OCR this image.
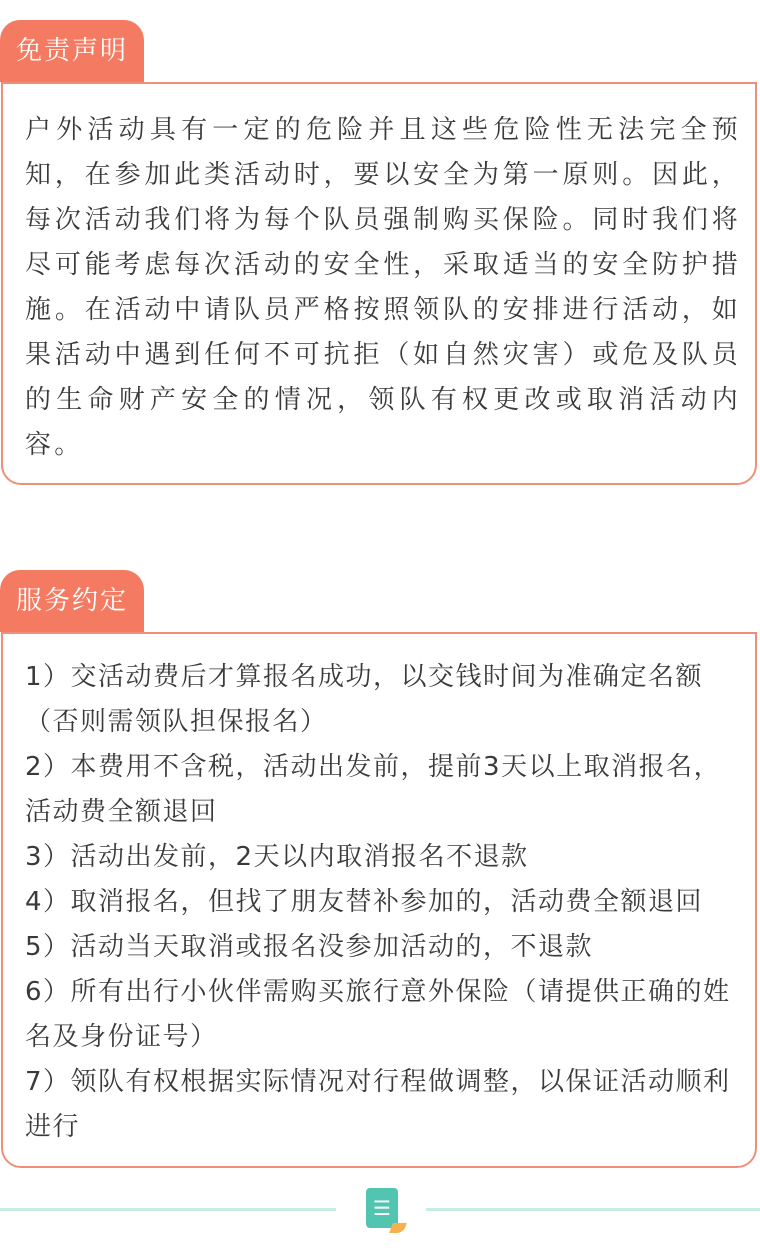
免责声明

户外活动具有一定的危险并且这些危险性无法完全预知，在参加此类活动时，要以安全为第一原则。因此，每次活动我们将为每个队员强制购买保险。同时我们将尽可能考虑每次活动的安全性，采取适当的安全防护措施。在活动中请队员严格按照领队的安排进行活动，如果活动中遇到任何不可抗拒（如自然灾害）或危及队员的生命财产安全的情况，领队有权更改或取消活动内容。

服务约定
1）交活动费后才算报名成功，以交钱时间为准确定名额（否则需领队担保报名）
2）本费用不含税，活动出发前，提前3天以上取消报名，活动费全额退回
3）活动出发前，2天以内取消报名不退款
4）取消报名，但找了朋友替补参加的，活动费全额退回
5）活动当天取消或报名没参加活动的，不退款
6）所有出行小伙伴需购买旅行意外保险（请提供正确的姓名及身份证号）
7）领队有权根据实际情况对行程做调整，以保证活动顺利进行
☰
